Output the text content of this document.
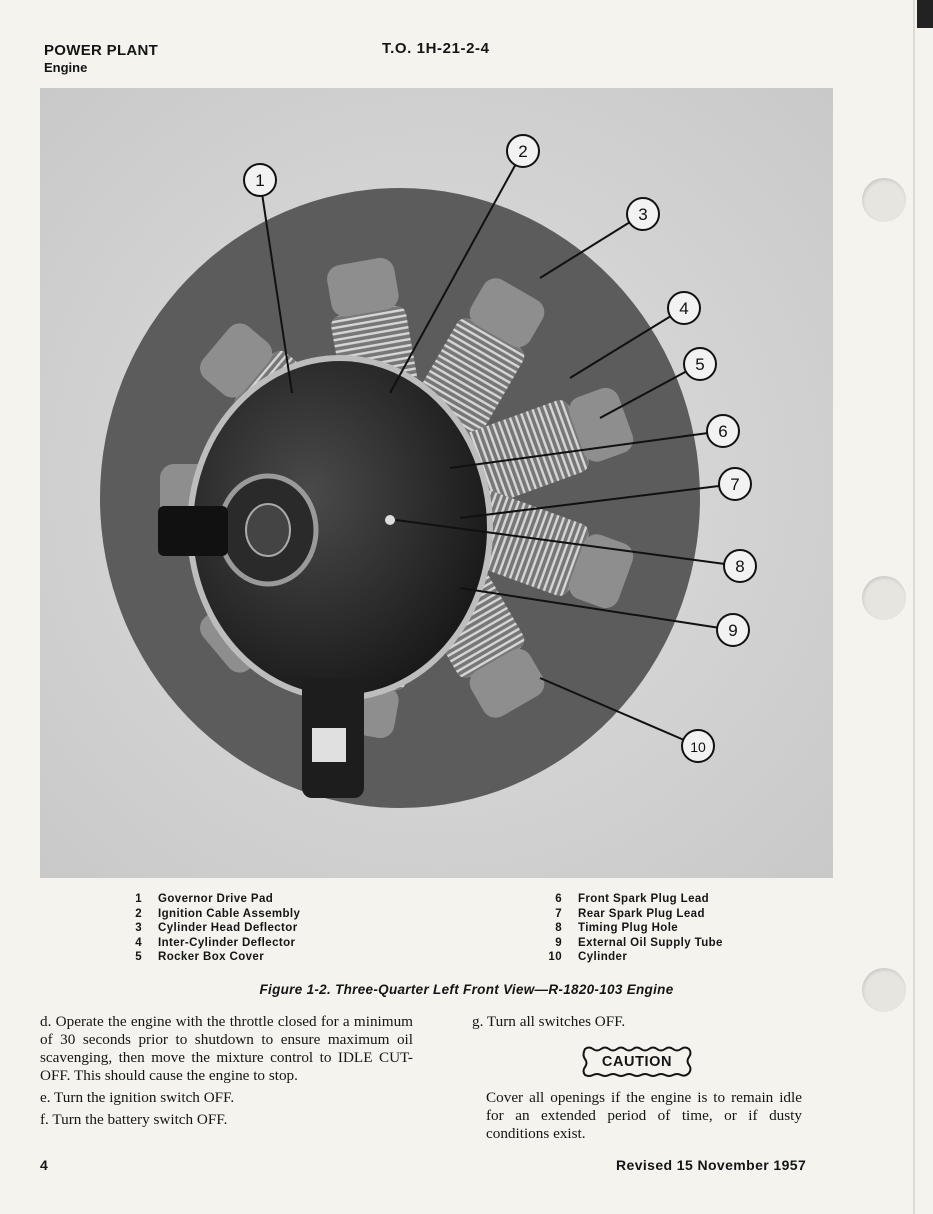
POWER PLANT
Engine
T.O. 1H-21-2-4
1
2
3
4
5
6
7
8
9
10
1 Governor Drive Pad
2 Ignition Cable Assembly
3 Cylinder Head Deflector
4 Inter-Cylinder Deflector
5 Rocker Box Cover
6 Front Spark Plug Lead
7 Rear Spark Plug Lead
8 Timing Plug Hole
9 External Oil Supply Tube
10 Cylinder
Figure 1-2. Three-Quarter Left Front View—R-1820-103 Engine

d. Operate the engine with the throttle closed for a minimum of 30 seconds prior to shutdown to ensure maximum oil scavenging, then move the mixture control to IDLE CUT-OFF. This should cause the engine to stop.

e. Turn the ignition switch OFF.

f. Turn the battery switch OFF.

g. Turn all switches OFF.

CAUTION

Cover all openings if the engine is to remain idle for an extended period of time, or if dusty conditions exist.

4	Revised 15 November 1957
